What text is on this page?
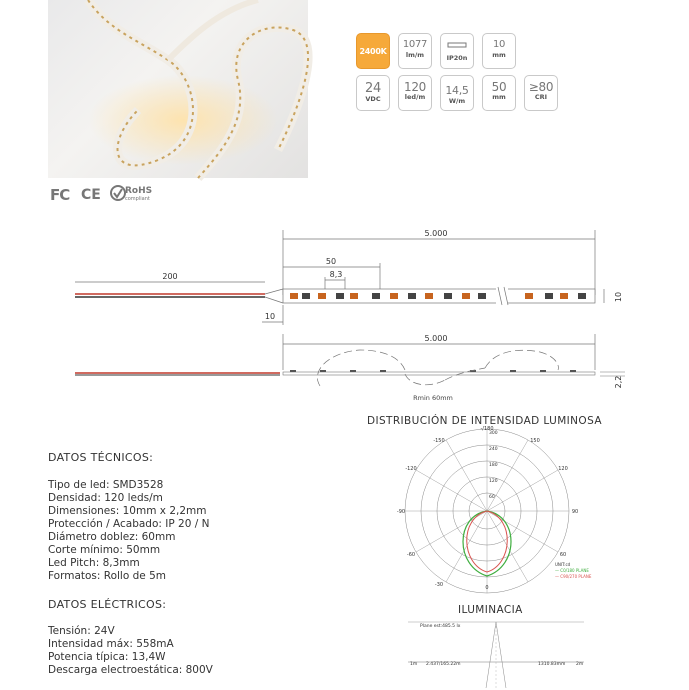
2400K
1077
lm/m	IP20n
10
mm
24
VDC
120
led/m	14,5
W/m
50
mm
≥80
CRI
FC CE	RoHS
compliant
5.000
50
8,3
200
10
10
5.000
Rmin 60mm
2,2
DISTRIBUCIÓN DE INTENSIDAD LUMINOSA
-/180
0
-150
-120
-90
-60
-30
150
120
90
60
300
240
180
120
60
UNIT:cd
— C0/180 PLANE
— C90/270 PLANE
ILUMINACIA
Plane est:485.5 lx
1m 2.437/165.22m	1310.83mm 2m
DATOS TÉCNICOS:
Tipo de led: SMD3528
Densidad: 120 leds/m
Dimensiones: 10mm x 2,2mm
Protección / Acabado: IP 20 / N
Diámetro doblez: 60mm
Corte mínimo: 50mm
Led Pitch: 8,3mm
Formatos: Rollo de 5m
DATOS ELÉCTRICOS:
Tensión: 24V
Intensidad máx: 558mA
Potencia típica: 13,4W
Descarga electroestática: 800V
